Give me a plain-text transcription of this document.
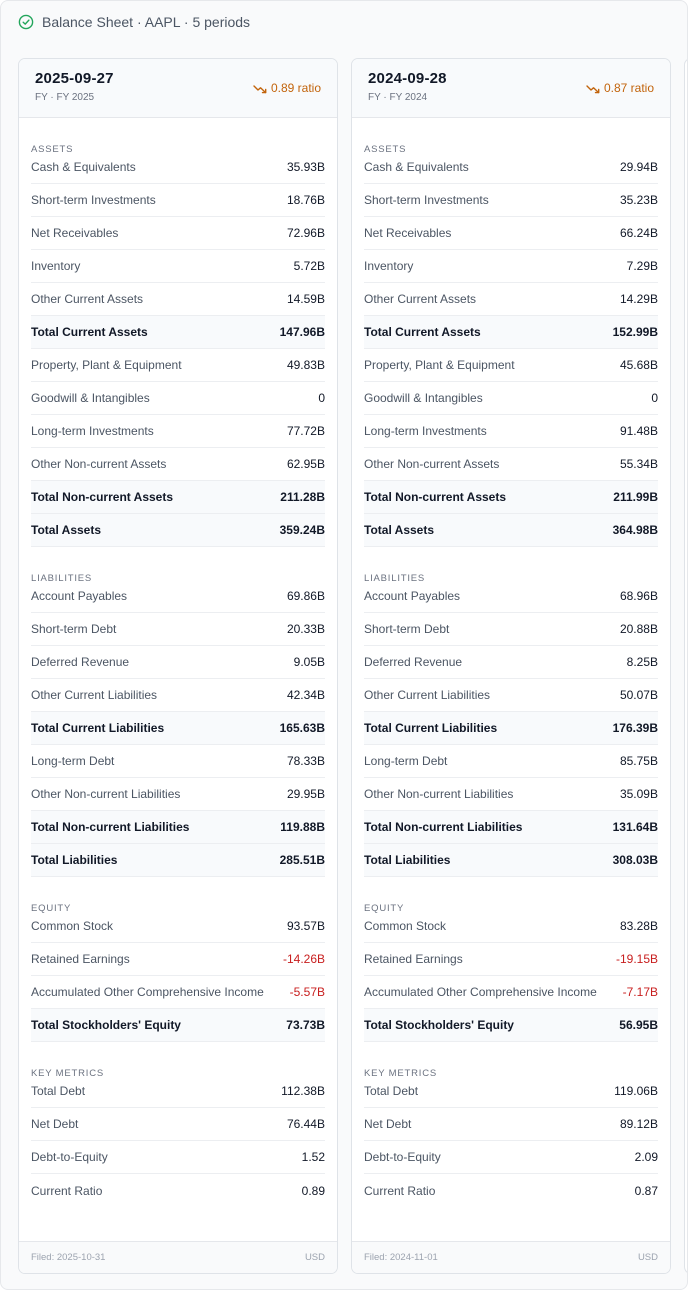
Balance Sheet · AAPL · 5 periods
2025-09-27
FY · FY 2025
0.89 ratio
ASSETS
Cash & Equivalents	35.93B
Short-term Investments	18.76B
Net Receivables	72.96B
Inventory	5.72B
Other Current Assets	14.59B
Total Current Assets	147.96B
Property, Plant & Equipment	49.83B
Goodwill & Intangibles	0
Long-term Investments	77.72B
Other Non-current Assets	62.95B
Total Non-current Assets	211.28B
Total Assets	359.24B
LIABILITIES
Account Payables	69.86B
Short-term Debt	20.33B
Deferred Revenue	9.05B
Other Current Liabilities	42.34B
Total Current Liabilities	165.63B
Long-term Debt	78.33B
Other Non-current Liabilities	29.95B
Total Non-current Liabilities	119.88B
Total Liabilities	285.51B
EQUITY
Common Stock	93.57B
Retained Earnings	-14.26B
Accumulated Other Comprehensive Income -5.57B
Total Stockholders' Equity	73.73B
KEY METRICS
Total Debt	112.38B
Net Debt	76.44B
Debt-to-Equity	1.52
Current Ratio	0.89
Filed: 2025-10-31	USD
2024-09-28
FY · FY 2024
0.87 ratio
ASSETS
Cash & Equivalents	29.94B
Short-term Investments	35.23B
Net Receivables	66.24B
Inventory	7.29B
Other Current Assets	14.29B
Total Current Assets	152.99B
Property, Plant & Equipment	45.68B
Goodwill & Intangibles	0
Long-term Investments	91.48B
Other Non-current Assets	55.34B
Total Non-current Assets	211.99B
Total Assets	364.98B
LIABILITIES
Account Payables	68.96B
Short-term Debt	20.88B
Deferred Revenue	8.25B
Other Current Liabilities	50.07B
Total Current Liabilities	176.39B
Long-term Debt	85.75B
Other Non-current Liabilities	35.09B
Total Non-current Liabilities	131.64B
Total Liabilities	308.03B
EQUITY
Common Stock	83.28B
Retained Earnings	-19.15B
Accumulated Other Comprehensive Income -7.17B
Total Stockholders' Equity	56.95B
KEY METRICS
Total Debt	119.06B
Net Debt	89.12B
Debt-to-Equity	2.09
Current Ratio	0.87
Filed: 2024-11-01	USD
